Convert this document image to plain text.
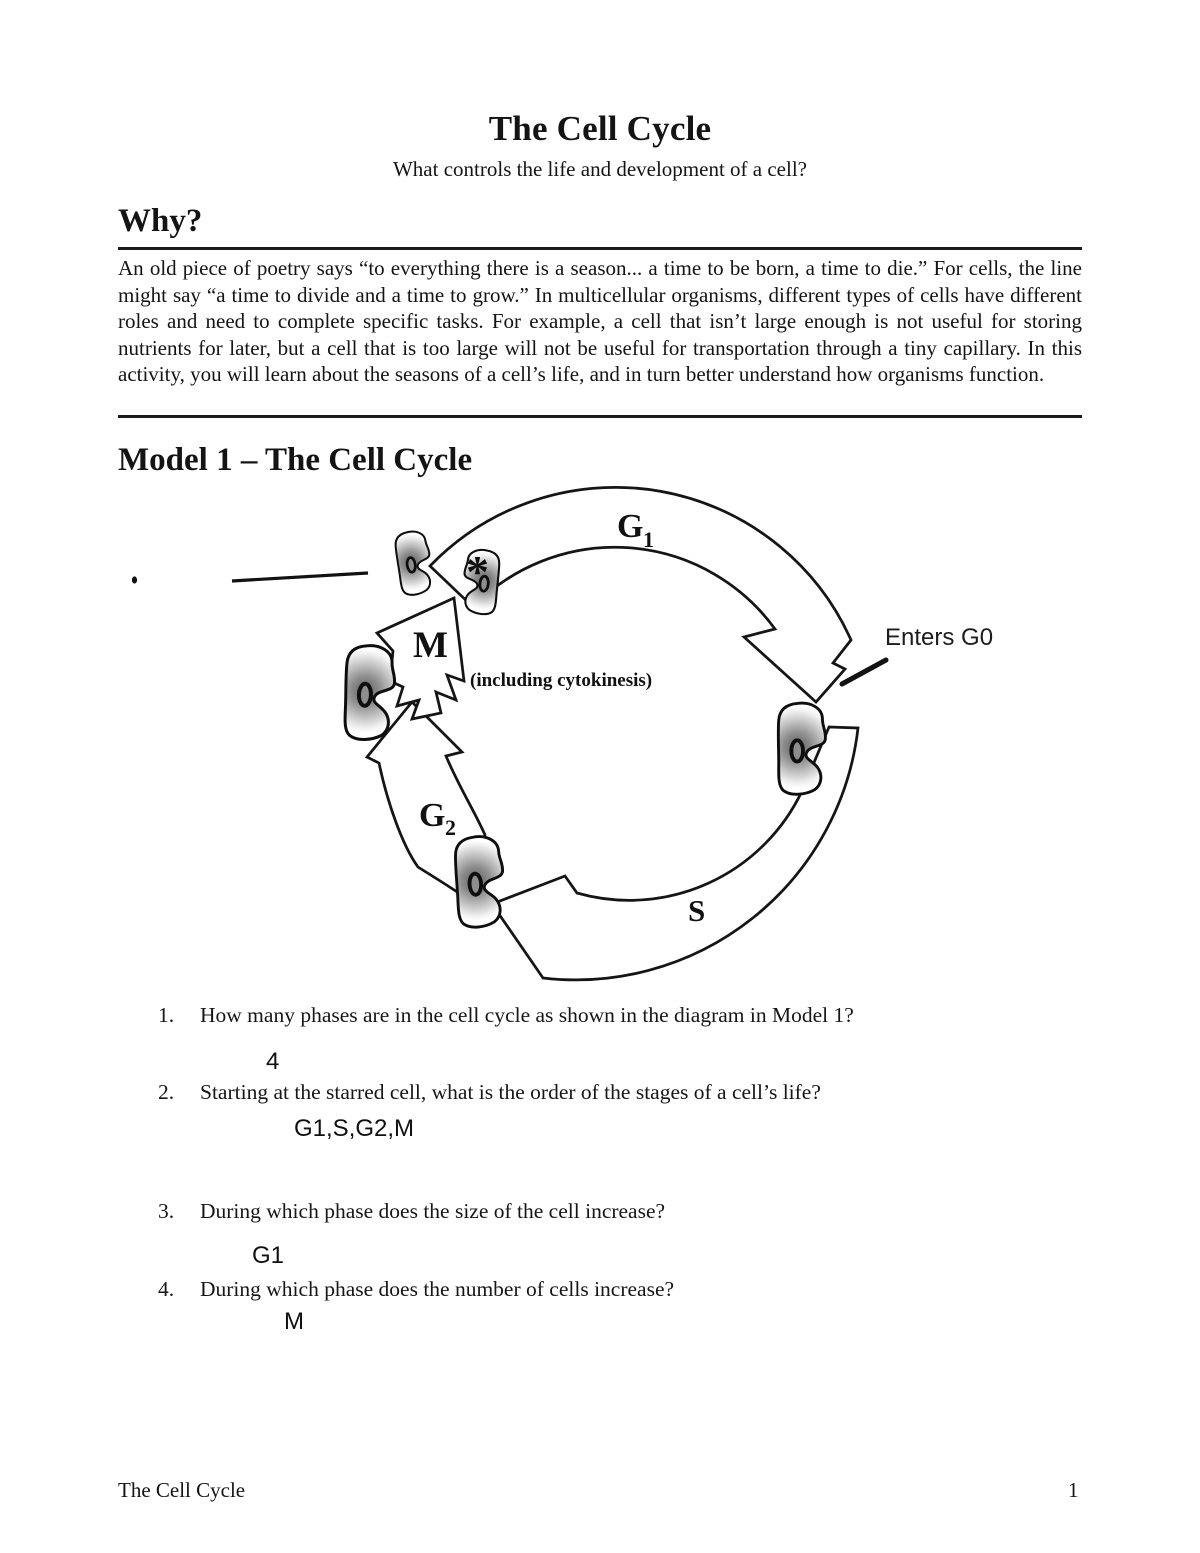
The Cell Cycle
What controls the life and development of a cell?
Why?
An old piece of poetry says “to everything there is a season... a time to be born, a time to die.” For cells, the line might say “a time to divide and a time to grow.” In multicellular organisms, different types of cells have different roles and need to complete specific tasks. For example, a cell that isn’t large enough is not useful for storing nutrients for later, but a cell that is too large will not be useful for transportation through a tiny capillary. In this activity, you will learn about the seasons of a cell’s life, and in turn better understand how organisms function.
Model 1 – The Cell Cycle
*
G 1
M
(including cytokinesis)
G 2
S
Enters G0
1. How many phases are in the cell cycle as shown in the diagram in Model 1?
4
2. Starting at the starred cell, what is the order of the stages of a cell’s life?
G1,S,G2,M
3. During which phase does the size of the cell increase?
G1
4. During which phase does the number of cells increase?
M
The Cell Cycle	1
